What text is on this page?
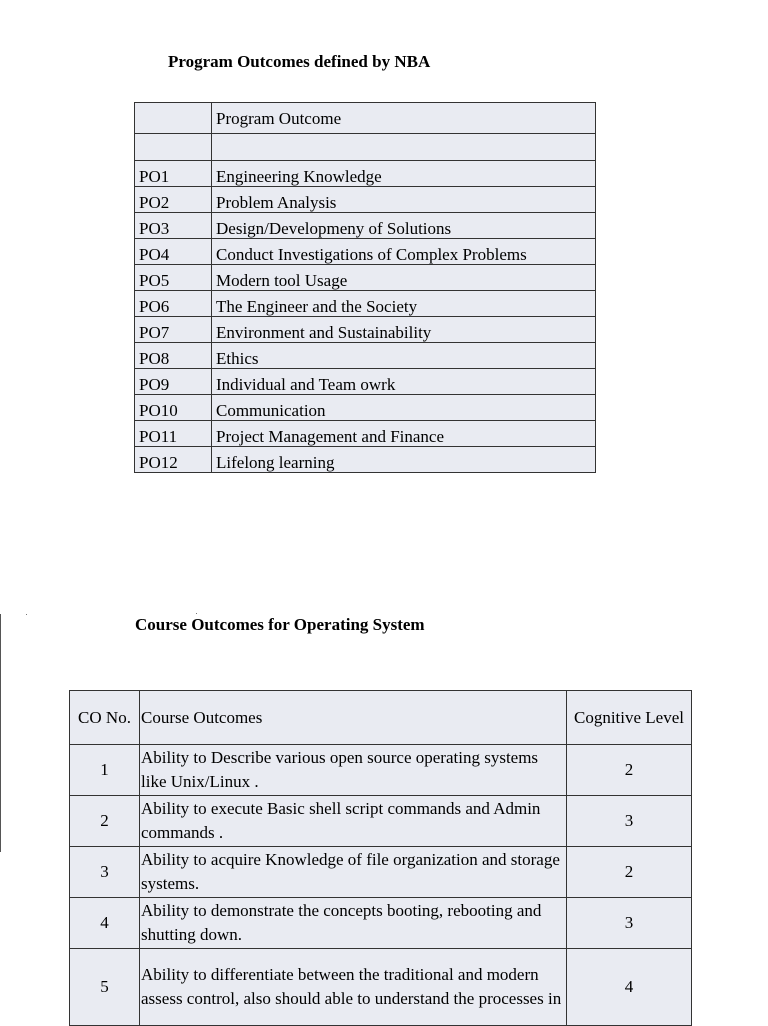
Program Outcomes defined by NBA
	Program Outcome

PO1	Engineering Knowledge
PO2	Problem Analysis
PO3	Design/Developmeny of Solutions
PO4	Conduct Investigations of Complex Problems
PO5	Modern tool Usage
PO6	The Engineer and the Society
PO7	Environment and Sustainability
PO8	Ethics
PO9	Individual and Team owrk
PO10	Communication
PO11	Project Management and Finance
PO12	Lifelong learning
Course Outcomes for Operating System
CO No.	Course Outcomes	Cognitive Level
1	Ability to Describe various open source operating systems like Unix/Linux .	2
2	Ability to execute Basic shell script commands and Admin commands .	3
3	Ability to acquire Knowledge of file organization and storage systems.	2
4	Ability to demonstrate the concepts booting, rebooting and shutting down.	3
5	Ability to differentiate between the traditional and modern assess control, also should able to understand the processes in	4
